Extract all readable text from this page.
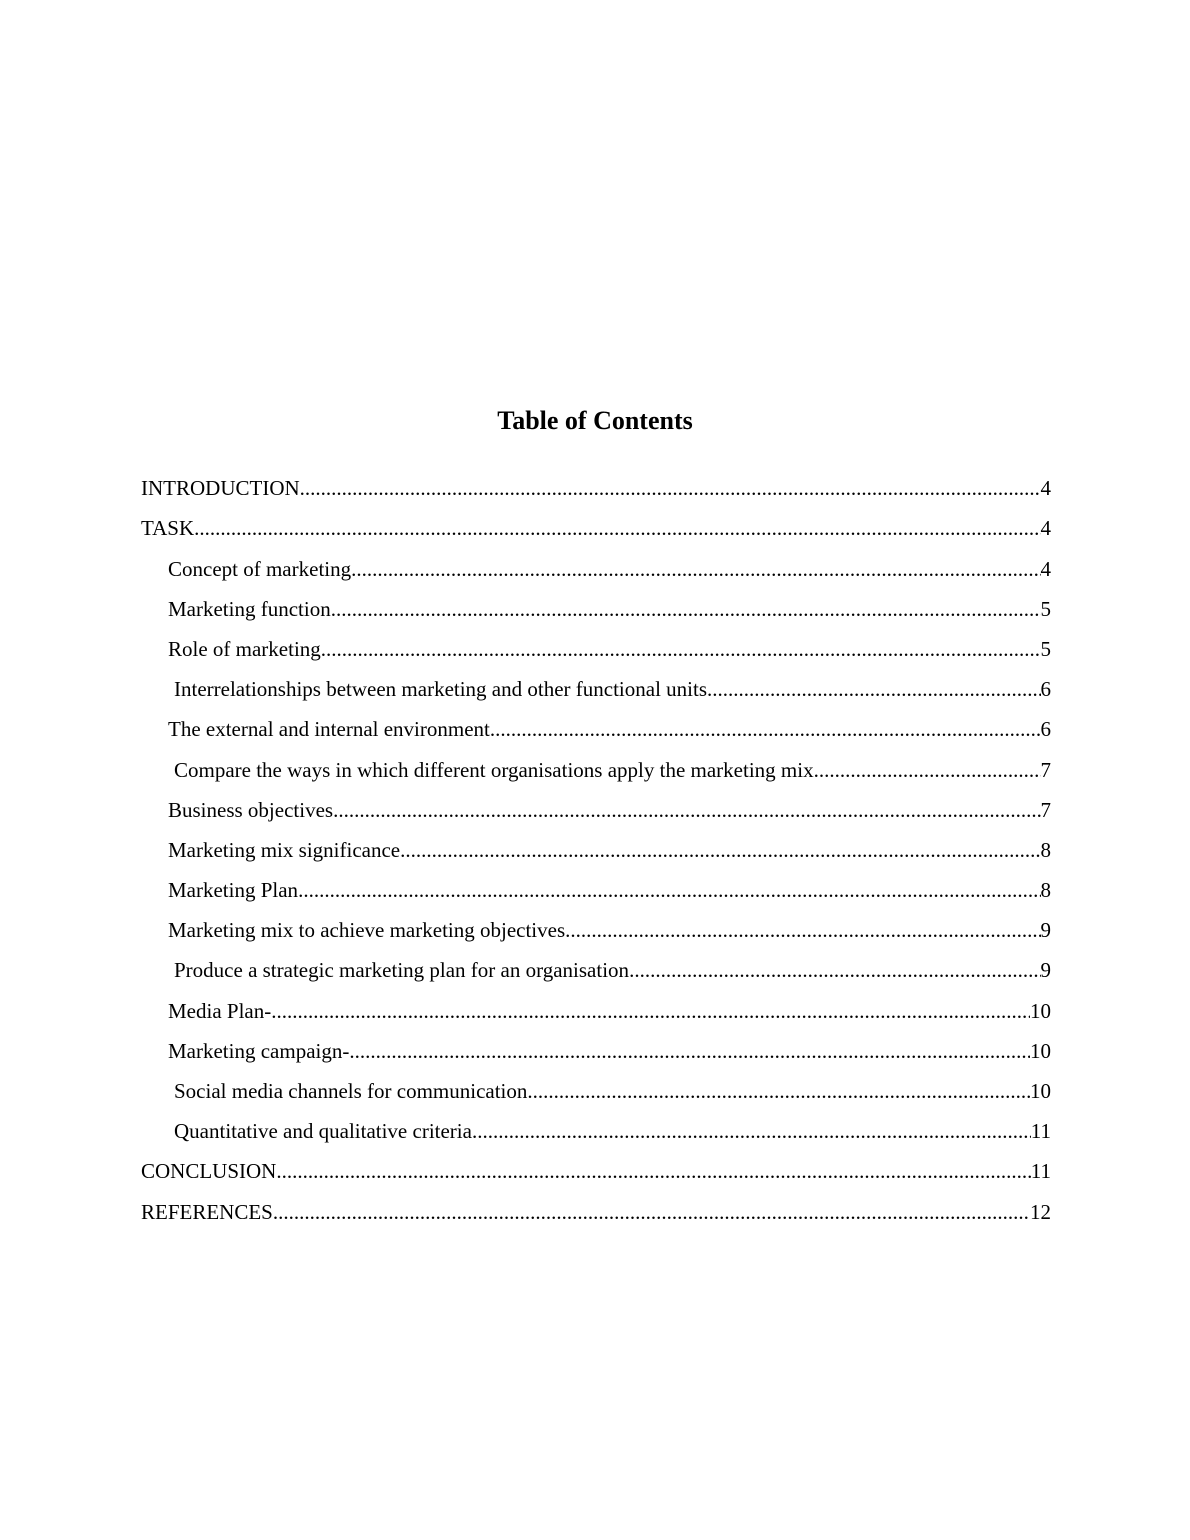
Table of Contents
INTRODUCTION .....	4
TASK .....	4
Concept of marketing .....	4
Marketing function .....	5
Role of marketing .....	5
Interrelationships between marketing and other functional units .....	6
The external and internal environment .....	6
Compare the ways in which different organisations apply the marketing mix .....	7
Business objectives .....	7
Marketing mix significance .....	8
Marketing Plan .....	8
Marketing mix to achieve marketing objectives .....	9
Produce a strategic marketing plan for an organisation .....	9
Media Plan- .....	10
Marketing campaign- .....	10
Social media channels for communication .....	10
Quantitative and qualitative criteria .....	11
CONCLUSION .....	11
REFERENCES .....	12
